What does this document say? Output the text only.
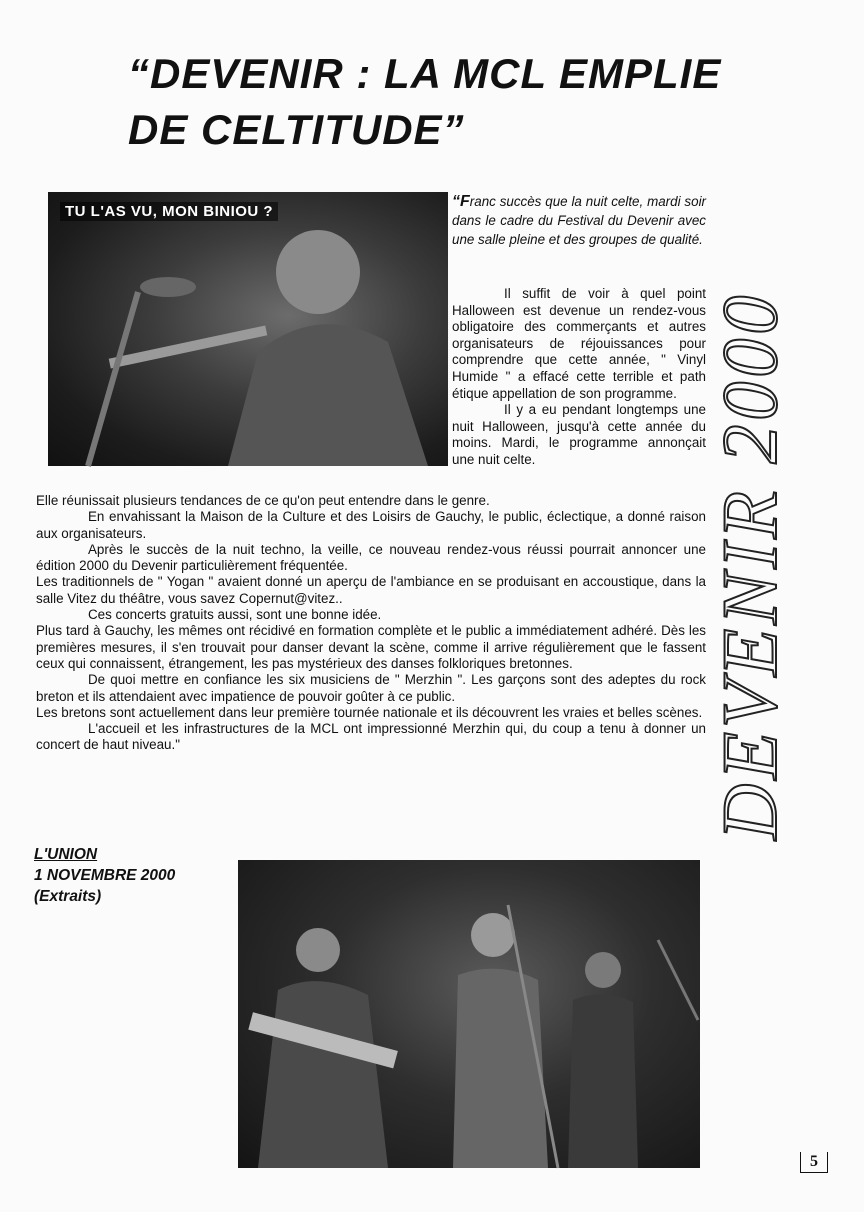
“DEVENIR : LA MCL EMPLIE
DE CELTITUDE”
TU L'AS VU, MON BINIOU ?

“Franc succès que la nuit celte, mardi soir dans le cadre du Festival du Devenir avec une salle pleine et des groupes de qualité.

Il suffit de voir à quel point Halloween est devenue un rendez-vous obligatoire des commerçants et autres organisateurs de réjouissances pour comprendre que cette année, " Vinyl Humide " a effacé cette terrible et path étique appellation de son programme.

Il y a eu pendant longtemps une nuit Halloween, jusqu'à cette année du moins. Mardi, le programme annonçait une nuit celte.

Elle réunissait plusieurs tendances de ce qu'on peut entendre dans le genre.

En envahissant la Maison de la Culture et des Loisirs de Gauchy, le public, éclectique, a donné raison aux organisateurs.

Après le succès de la nuit techno, la veille, ce nouveau rendez-vous réussi pourrait annoncer une édition 2000 du Devenir particulièrement fréquentée.

Les traditionnels de " Yogan " avaient donné un aperçu de l'ambiance en se produisant en accoustique, dans la salle Vitez du théâtre, vous savez Copernut@vitez..

Ces concerts gratuits aussi, sont une bonne idée.

Plus tard à Gauchy, les mêmes ont récidivé en formation complète et le public a immédiatement adhéré. Dès les premières mesures, il s'en trouvait pour danser devant la scène, comme il arrive régulièrement que le fassent ceux qui connaissent, étrangement, les pas mystérieux des danses folkloriques bretonnes.

De quoi mettre en confiance les six musiciens de " Merzhin ". Les garçons sont des adeptes du rock breton et ils attendaient avec impatience de pouvoir goûter à ce public.

Les bretons sont actuellement dans leur première tournée nationale et ils découvrent les vraies et belles scènes.

L'accueil et les infrastructures de la MCL ont impressionné Merzhin qui, du coup a tenu à donner un concert de haut niveau."

L'UNION
1 NOVEMBRE 2000
(Extraits)
DEVENIR 2000
5
